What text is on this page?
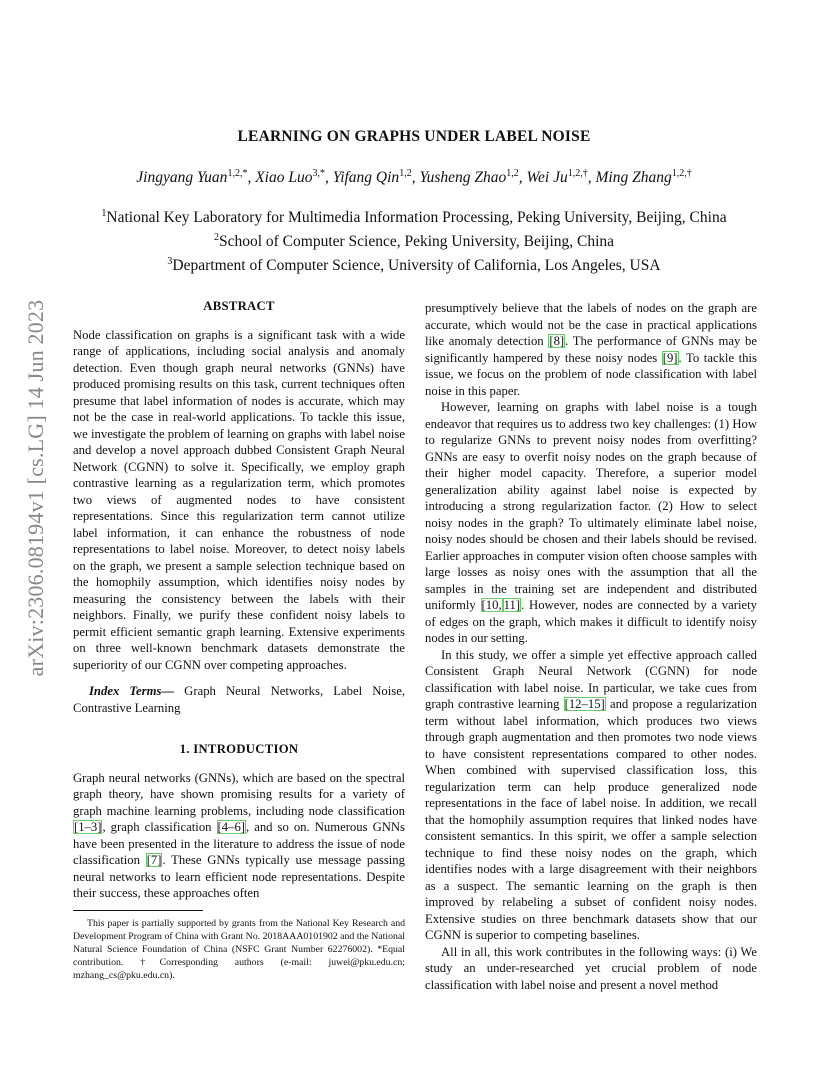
arXiv:2306.08194v1 [cs.LG] 14 Jun 2023
LEARNING ON GRAPHS UNDER LABEL NOISE
Jingyang Yuan$^{1,2,*}$, Xiao Luo$^{3,*}$, Yifang Qin$^{1,2}$, Yusheng Zhao$^{1,2}$, Wei $Ju^{1,2,\dagger}$, Ming Zhang$^{1,2,\dagger}$
$^1$National Key Laboratory for Multimedia Information Processing, Peking University, Beijing, China
$^2$School of Computer Science, Peking University, Beijing, China
$^3$Department of Computer Science, University of California, Los Angeles, USA
ABSTRACT

Node classification on graphs is a significant task with a wide range of applications, including social analysis and anomaly detection. Even though graph neural networks (GNNs) have produced promising results on this task, current techniques often presume that label information of nodes is accurate, which may not be the case in real-world applications. To tackle this issue, we investigate the problem of learning on graphs with label noise and develop a novel approach dubbed Consistent Graph Neural Network (CGNN) to solve it. Specifically, we employ graph contrastive learning as a regularization term, which promotes two views of augmented nodes to have consistent representations. Since this regularization term cannot utilize label information, it can enhance the robustness of node representations to label noise. Moreover, to detect noisy labels on the graph, we present a sample selection technique based on the homophily assumption, which identifies noisy nodes by measuring the consistency between the labels with their neighbors. Finally, we purify these confident noisy labels to permit efficient semantic graph learning. Extensive experiments on three well-known benchmark datasets demonstrate the superiority of our CGNN over competing approaches.

Index Terms— Graph Neural Networks, Label Noise, Contrastive Learning

1. INTRODUCTION

Graph neural networks (GNNs), which are based on the spectral graph theory, have shown promising results for a variety of graph machine learning problems, including node classification [1–3], graph classification [4–6], and so on. Numerous GNNs have been presented in the literature to address the issue of node classification [7]. These GNNs typically use message passing neural networks to learn efficient node representations. Despite their success, these approaches often

This paper is partially supported by grants from the National Key Research and Development Program of China with Grant No. 2018AAA0101902 and the National Natural Science Foundation of China (NSFC Grant Number 62276002). *Equal contribution. †Corresponding authors (e-mail: juwei@pku.edu.cn; mzhang_cs@pku.edu.cn).

presumptively believe that the labels of nodes on the graph are accurate, which would not be the case in practical applications like anomaly detection [8]. The performance of GNNs may be significantly hampered by these noisy nodes [9]. To tackle this issue, we focus on the problem of node classification with label noise in this paper.

However, learning on graphs with label noise is a tough endeavor that requires us to address two key challenges: (1) How to regularize GNNs to prevent noisy nodes from overfitting? GNNs are easy to overfit noisy nodes on the graph because of their higher model capacity. Therefore, a superior model generalization ability against label noise is expected by introducing a strong regularization factor. (2) How to select noisy nodes in the graph? To ultimately eliminate label noise, noisy nodes should be chosen and their labels should be revised. Earlier approaches in computer vision often choose samples with large losses as noisy ones with the assumption that all the samples in the training set are independent and distributed uniformly [10, 11]. However, nodes are connected by a variety of edges on the graph, which makes it difficult to identify noisy nodes in our setting.

In this study, we offer a simple yet effective approach called Consistent Graph Neural Network (CGNN) for node classification with label noise. In particular, we take cues from graph contrastive learning [12–15] and propose a regularization term without label information, which produces two views through graph augmentation and then promotes two node views to have consistent representations compared to other nodes. When combined with supervised classification loss, this regularization term can help produce generalized node representations in the face of label noise. In addition, we recall that the homophily assumption requires that linked nodes have consistent semantics. In this spirit, we offer a sample selection technique to find these noisy nodes on the graph, which identifies nodes with a large disagreement with their neighbors as a suspect. The semantic learning on the graph is then improved by relabeling a subset of confident noisy nodes. Extensive studies on three benchmark datasets show that our CGNN is superior to competing baselines.

All in all, this work contributes in the following ways: (i) We study an under-researched yet crucial problem of node classification with label noise and present a novel method
